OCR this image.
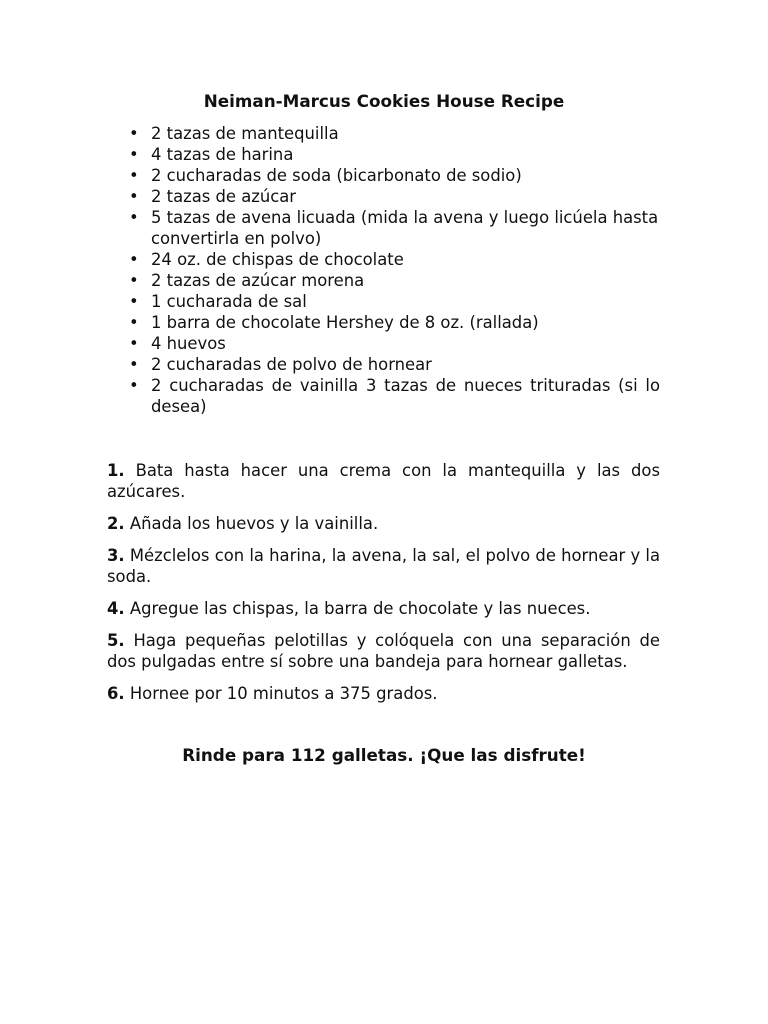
Neiman-Marcus Cookies House Recipe
• 2 tazas de mantequilla
• 4 tazas de harina
• 2 cucharadas de soda (bicarbonato de sodio)
• 2 tazas de azúcar
• 5 tazas de avena licuada (mida la avena y luego licúela hasta
convertirla en polvo)
• 24 oz. de chispas de chocolate
• 2 tazas de azúcar morena
• 1 cucharada de sal
• 1 barra de chocolate Hershey de 8 oz. (rallada)
• 4 huevos
• 2 cucharadas de polvo de hornear
• 2 cucharadas de vainilla 3 tazas de nueces trituradas (si lo desea)

1. Bata hasta hacer una crema con la mantequilla y las dos azúcares.

2. Añada los huevos y la vainilla.

3. Mézclelos con la harina, la avena, la sal, el polvo de hornear y la soda.

4. Agregue las chispas, la barra de chocolate y las nueces.

5. Haga pequeñas pelotillas y colóquela con una separación de dos pulgadas entre sí sobre una bandeja para hornear galletas.

6. Hornee por 10 minutos a 375 grados.

Rinde para 112 galletas. ¡Que las disfrute!
